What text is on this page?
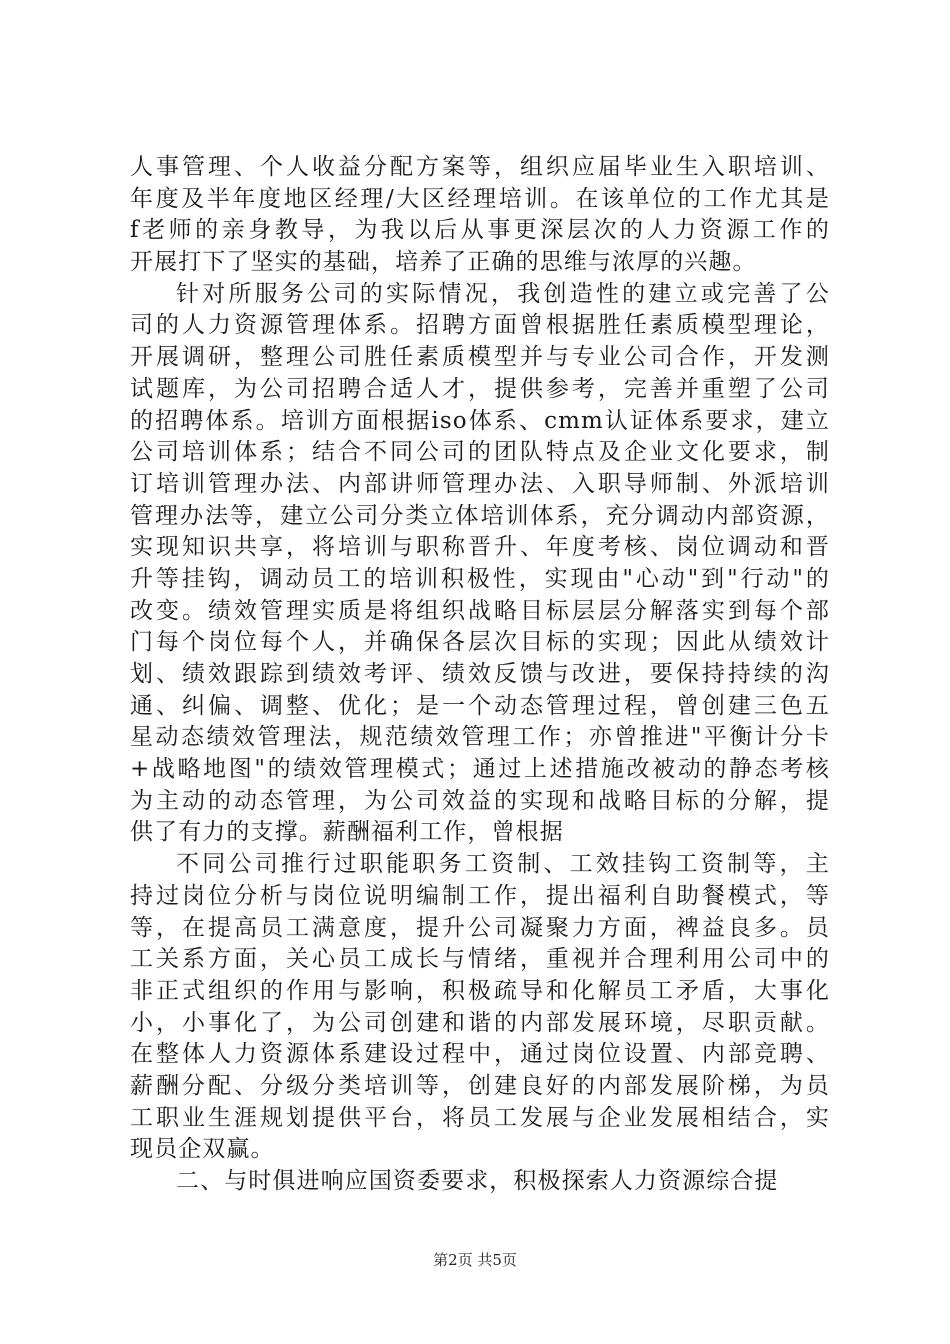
人事管理、个人收益分配方案等，组织应届毕业生入职培训、
年度及半年度地区经理/大区经理培训。在该单位的工作尤其是
f老师的亲身教导，为我以后从事更深层次的人力资源工作的
开展打下了坚实的基础，培养了正确的思维与浓厚的兴趣。
针对所服务公司的实际情况，我创造性的建立或完善了公
司的人力资源管理体系。招聘方面曾根据胜任素质模型理论，
开展调研，整理公司胜任素质模型并与专业公司合作，开发测
试题库，为公司招聘合适人才，提供参考，完善并重塑了公司
的招聘体系。培训方面根据iso体系、cmm认证体系要求，建立
公司培训体系；结合不同公司的团队特点及企业文化要求，制
订培训管理办法、内部讲师管理办法、入职导师制、外派培训
管理办法等，建立公司分类立体培训体系，充分调动内部资源，
实现知识共享，将培训与职称晋升、年度考核、岗位调动和晋
升等挂钩，调动员工的培训积极性，实现由"心动"到"行动"的
改变。绩效管理实质是将组织战略目标层层分解落实到每个部
门每个岗位每个人，并确保各层次目标的实现；因此从绩效计
划、绩效跟踪到绩效考评、绩效反馈与改进，要保持持续的沟
通、纠偏、调整、优化；是一个动态管理过程，曾创建三色五
星动态绩效管理法，规范绩效管理工作；亦曾推进"平衡计分卡
+战略地图"的绩效管理模式；通过上述措施改被动的静态考核
为主动的动态管理，为公司效益的实现和战略目标的分解，提
供了有力的支撑。薪酬福利工作，曾根据
不同公司推行过职能职务工资制、工效挂钩工资制等，主
持过岗位分析与岗位说明编制工作，提出福利自助餐模式，等
等，在提高员工满意度，提升公司凝聚力方面，裨益良多。员
工关系方面，关心员工成长与情绪，重视并合理利用公司中的
非正式组织的作用与影响，积极疏导和化解员工矛盾，大事化
小，小事化了，为公司创建和谐的内部发展环境，尽职贡献。
在整体人力资源体系建设过程中，通过岗位设置、内部竞聘、
薪酬分配、分级分类培训等，创建良好的内部发展阶梯，为员
工职业生涯规划提供平台，将员工发展与企业发展相结合，实
现员企双赢。
二、与时俱进响应国资委要求，积极探索人力资源综合提
第2页 共5页
